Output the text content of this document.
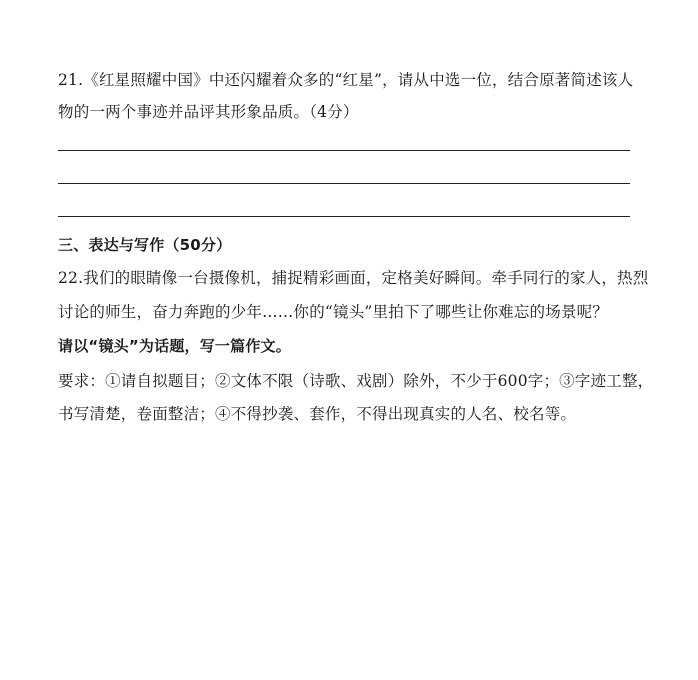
21.《红星照耀中国》中还闪耀着众多的“红星”，请从中选一位，结合原著简述该人
物的一两个事迹并品评其形象品质。（4分）
三、表达与写作（50分）
22.我们的眼睛像一台摄像机，捕捉精彩画面，定格美好瞬间。牵手同行的家人，热烈
讨论的师生，奋力奔跑的少年……你的“镜头”里拍下了哪些让你难忘的场景呢？
请以“镜头”为话题，写一篇作文。
要求：①请自拟题目；②文体不限（诗歌、戏剧）除外，不少于600字；③字迹工整，
书写清楚，卷面整洁；④不得抄袭、套作，不得出现真实的人名、校名等。
